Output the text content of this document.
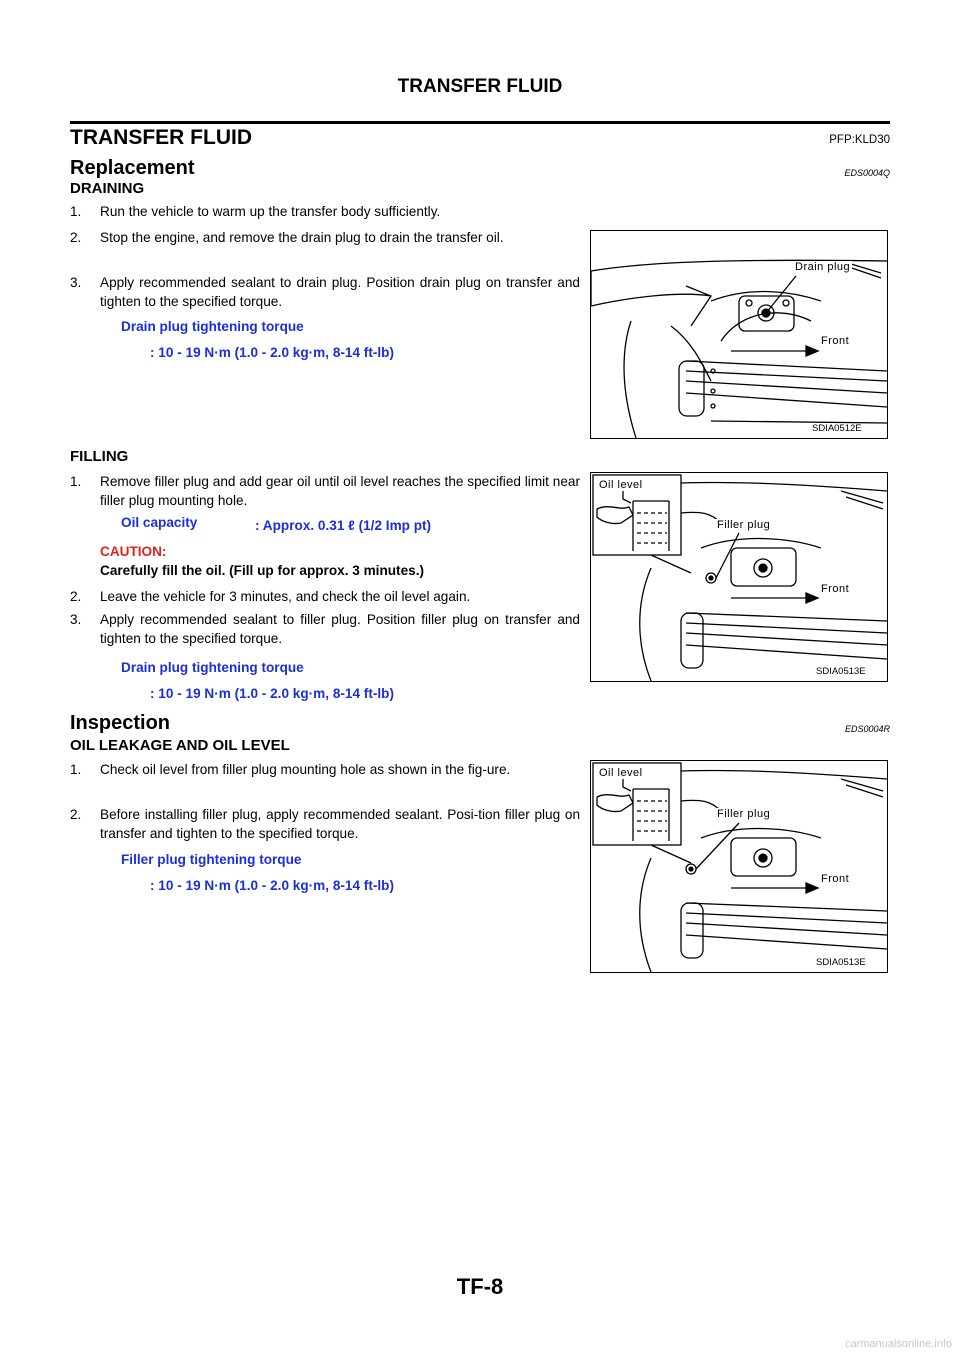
TRANSFER FLUID
TRANSFER FLUID	PFP:KLD30
Replacement	EDS0004Q
DRAINING
1.	Run the vehicle to warm up the transfer body sufficiently.
2.	Stop the engine, and remove the drain plug to drain the transfer oil.
3.	Apply recommended sealant to drain plug. Position drain plug on transfer and tighten to the specified torque.
Drain plug tightening torque
: 10 - 19 N·m (1.0 - 2.0 kg·m, 8-14 ft-lb)
Drain plug
Front
SDIA0512E
FILLING
1.	Remove filler plug and add gear oil until oil level reaches the specified limit near filler plug mounting hole.
Oil capacity	: Approx. 0.31 ℓ (1/2 Imp pt)
CAUTION:
Carefully fill the oil. (Fill up for approx. 3 minutes.)
2.	Leave the vehicle for 3 minutes, and check the oil level again.
3.	Apply recommended sealant to filler plug. Position filler plug on transfer and tighten to the specified torque.
Drain plug tightening torque
: 10 - 19 N·m (1.0 - 2.0 kg·m, 8-14 ft-lb)
Oil level
Filler plug
Front
SDIA0513E
Inspection	EDS0004R
OIL LEAKAGE AND OIL LEVEL
1.	Check oil level from filler plug mounting hole as shown in the fig-ure.
2.	Before installing filler plug, apply recommended sealant. Posi-tion filler plug on transfer and tighten to the specified torque.
Filler plug tightening torque
: 10 - 19 N·m (1.0 - 2.0 kg·m, 8-14 ft-lb)
Oil level
Filler plug
Front
SDIA0513E
TF-8
carmanualsonline.info
